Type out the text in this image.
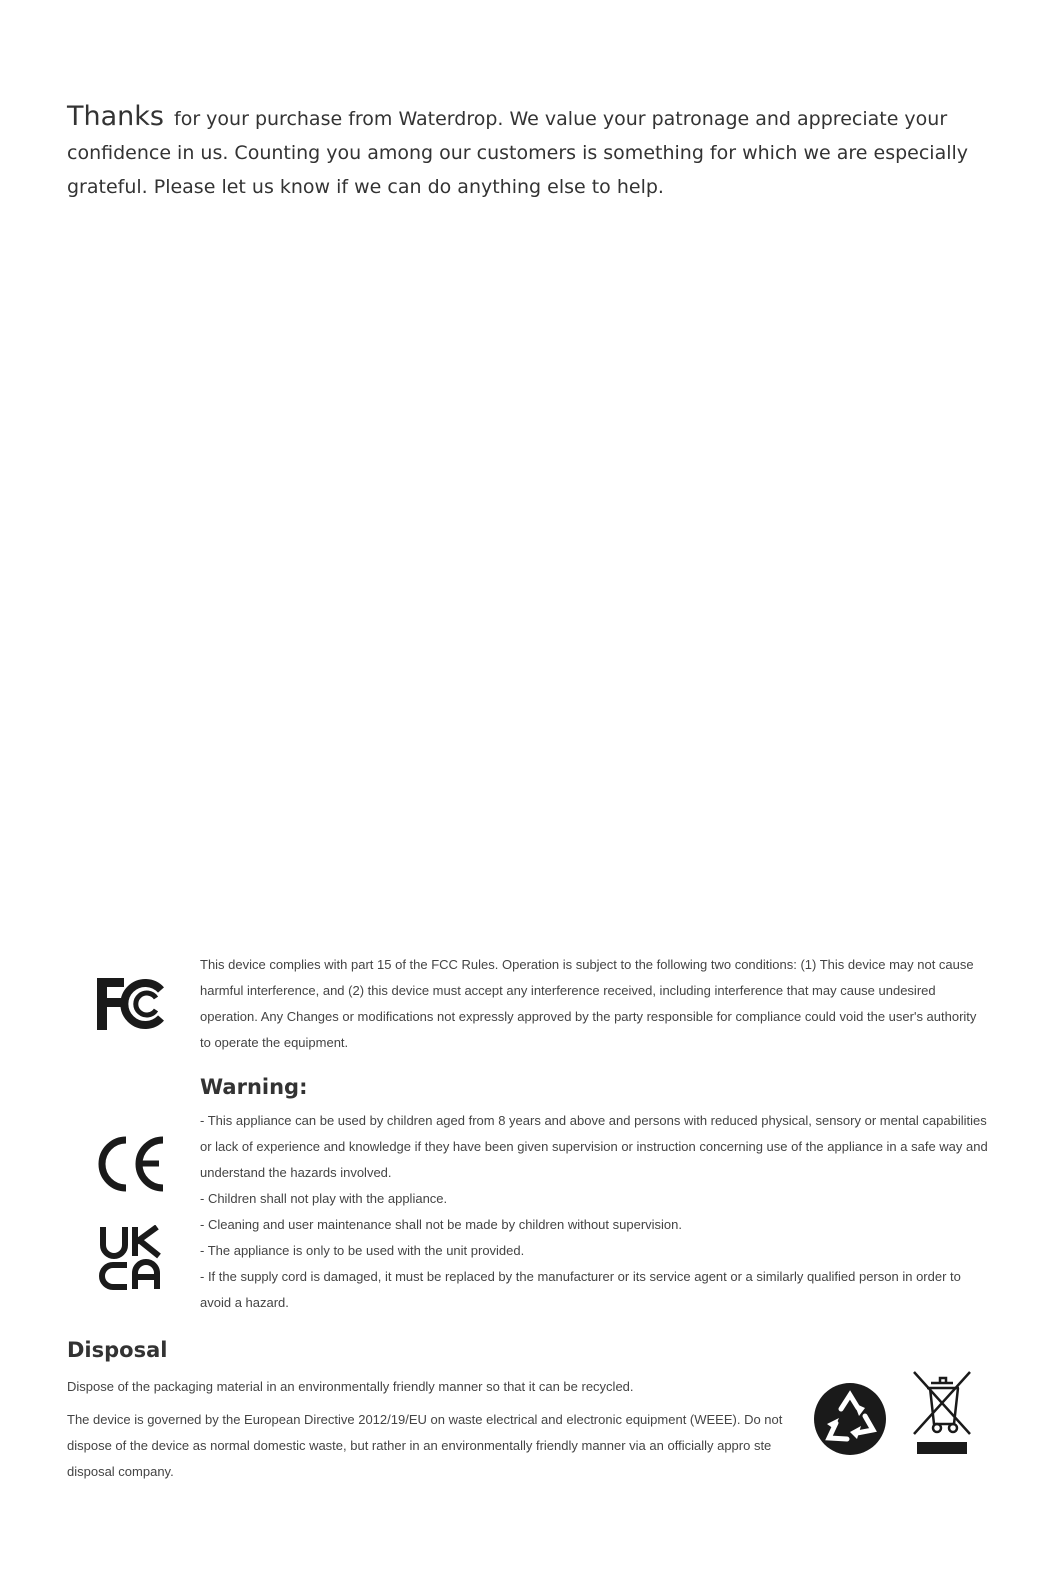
Thanks for your purchase from Waterdrop. We value your patronage and appreciate your confidence in us. Counting you among our customers is something for which we are especially grateful. Please let us know if we can do anything else to help.
This device complies with part 15 of the FCC Rules. Operation is subject to the following two conditions: (1) This device may not cause harmful interference, and (2) this device must accept any interference received, including interference that may cause undesired operation. Any Changes or modifications not expressly approved by the party responsible for compliance could void the user's authority to operate the equipment.
Warning:
- This appliance can be used by children aged from 8 years and above and persons with reduced physical, sensory or mental capabilities or lack of experience and knowledge if they have been given supervision or instruction concerning use of the appliance in a safe way and understand the hazards involved.
- Children shall not play with the appliance.
- Cleaning and user maintenance shall not be made by children without supervision.
- The appliance is only to be used with the unit provided.
- If the supply cord is damaged, it must be replaced by the manufacturer or its service agent or a similarly qualified person in order to avoid a hazard.
Disposal

Dispose of the packaging material in an environmentally friendly manner so that it can be recycled.

The device is governed by the European Directive 2012/19/EU on waste electrical and electronic equipment (WEEE). Do not dispose of the device as normal domestic waste, but rather in an environmentally friendly manner via an officially appro ste disposal company.
